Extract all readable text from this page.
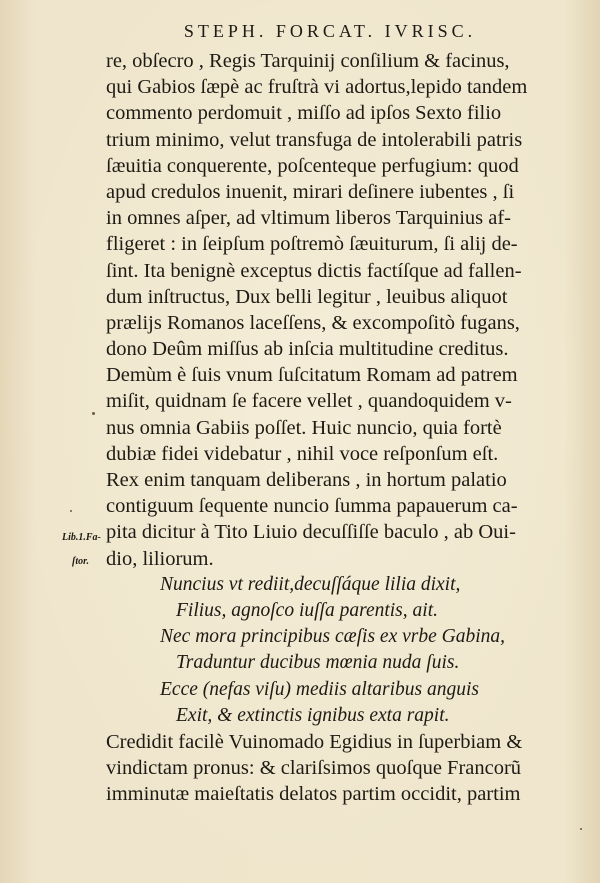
STEPH. FORCAT. IVRISC.
re, obſecro , Regis Tarquinij conſilium & facinus,
qui Gabios ſæpè ac fruſtrà vi adortus,lepido tandem
commento perdomuit , miſſo ad ipſos Sexto filio
trium minimo, velut transfuga de intolerabili patris
ſæuitia conquerente, poſcenteque perfugium: quod
apud credulos inuenit, mirari deſinere iubentes , ſi
in omnes aſper, ad vltimum liberos Tarquinius af-
fligeret : in ſeipſum poſtremò ſæuiturum, ſi alij de-
ſint. Ita benignè exceptus dictis factíſque ad fallen-
dum inſtructus, Dux belli legitur , leuibus aliquot
prælijs Romanos laceſſens, & excompoſitò fugans,
dono Deûm miſſus ab inſcia multitudine creditus.
Demùm è ſuis vnum ſuſcitatum Romam ad patrem
miſit, quidnam ſe facere vellet , quandoquidem v-
nus omnia Gabiis poſſet. Huic nuncio, quia fortè
dubiæ fidei videbatur , nihil voce reſponſum eſt.
Rex enim tanquam deliberans , in hortum palatio
contiguum ſequente nuncio ſumma papauerum ca-
pita dicitur à Tito Liuio decuſſiſſe baculo , ab Oui-
dio, liliorum.
Nuncius vt rediit,decuſſáque lilia dixit,
Filius, agnoſco iuſſa parentis, ait.
Nec mora principibus cæſis ex vrbe Gabina,
Traduntur ducibus mœnia nuda ſuis.
Ecce (nefas viſu) mediis altaribus anguis
Exit, & extinctis ignibus exta rapit.
Credidit facilè Vuinomado Egidius in ſuperbiam &
vindictam pronus: & clariſsimos quoſque Francorũ
imminutæ maieſtatis delatos partim occidit, partim
Lib.1.Fa-
ſtor.
